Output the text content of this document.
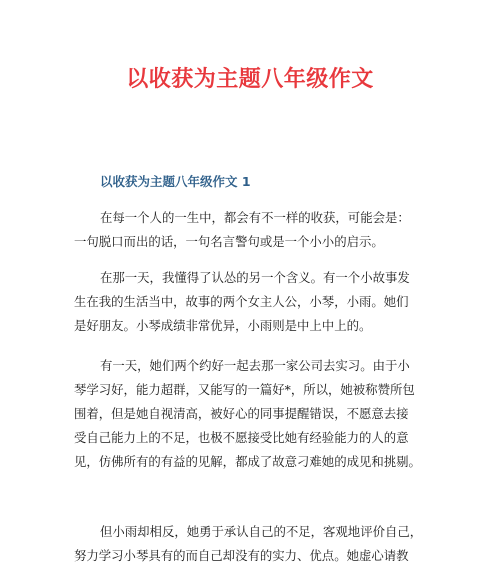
以收获为主题八年级作文
以收获为主题八年级作文 1
在每一个人的一生中，都会有不一样的收获，可能会是：
一句脱口而出的话，一句名言警句或是一个小小的启示。
在那一天，我懂得了认怂的另一个含义。有一个小故事发
生在我的生活当中，故事的两个女主人公，小琴，小雨。她们
是好朋友。小琴成绩非常优异，小雨则是中上中上的。
有一天，她们两个约好一起去那一家公司去实习。由于小
琴学习好，能力超群，又能写的一篇好*，所以，她被称赞所包
围着，但是她自视清高，被好心的同事提醒错误，不愿意去接
受自己能力上的不足，也极不愿接受比她有经验能力的人的意
见，仿佛所有的有益的见解，都成了故意刁难她的成见和挑剔。
但小雨却相反，她勇于承认自己的不足，客观地评价自己，
努力学习小琴具有的而自己却没有的实力、优点。她虚心请教
